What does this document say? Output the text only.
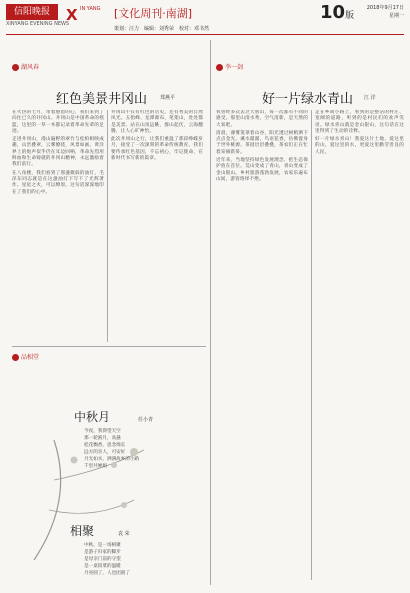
信阳晚报
XINYANG EVENING NEWS
X IN YANG [文化周刊·南湖]	10版
2018年9月17日
星期一
策划：汪力　编辑：刘秀荣　校对：邓书然
湖风春
红色美景井冈山	郑燕平

在火热的七月，带着感恩的心，我们来到了向往已久的井冈山。井冈山是中国革命的摇篮，这里的一草一木都记录着革命先辈的足迹。

走进井冈山，漫山遍野的翠竹与松柏相映成趣，山峦叠翠，云雾缭绕，风景如画。黄洋界上的炮声似乎仍在耳边回响，革命先烈用鲜血和生命铸就的井冈山精神，永远激励着我们前行。

在八角楼，我们看到了那盏微弱的油灯，毛泽东同志就是在这盏油灯下写下了光辉著作。星星之火，可以燎原。这句话深深地印在了我们的心中。

井冈山不仅有红色的历史，还有秀美的自然风光。五指峰、龙潭瀑布、笔架山，处处都是美景。站在山顶远眺，群山起伏，云海翻腾，让人心旷神怡。

此次井冈山之行，让我们重温了那段峥嵘岁月，接受了一次深刻的革命传统教育。我们要传承红色基因，不忘初心，牢记使命，在新时代书写新的篇章。

品相堂
中秋月	任小青
今夜，我仰望天空
那一轮圆月，高悬
桂花飘香，思念绵长
远方的亲人，可安好
月光如水，洒满故乡的小路
千里共婵娟
相聚	袁 荣
中秋，是一场相聚
是游子归家的脚步
是母亲门前的守望
是一桌饭菜的温暖
月亮圆了，人也团圆了
李一剑
好一片绿水青山 江 洋

我曾经多次去过大别山，每一次都有不同的感受。那里山清水秀，空气清新，是天然的大氧吧。

清晨，薄雾笼罩着山谷，阳光透过树梢洒下点点金光。溪水潺潺，鸟语花香，仿佛置身于世外桃源。茶园层层叠叠，茶农们正在忙着采摘新茶。

近年来，当地坚持绿色发展理念，把生态保护放在首位。荒山变成了青山，青山变成了金山银山。乡村旅游蓬勃发展，农家乐遍布山间，游客络绎不绝。

走在乡间小路上，看到的是整洁的村庄、宽阔的道路，听到的是村民们的欢声笑语。绿水青山就是金山银山，这句话在这里得到了生动的诠释。

好一片绿水青山！我爱这片土地，爱这里的山，爱这里的水，更爱这里勤劳善良的人民。
